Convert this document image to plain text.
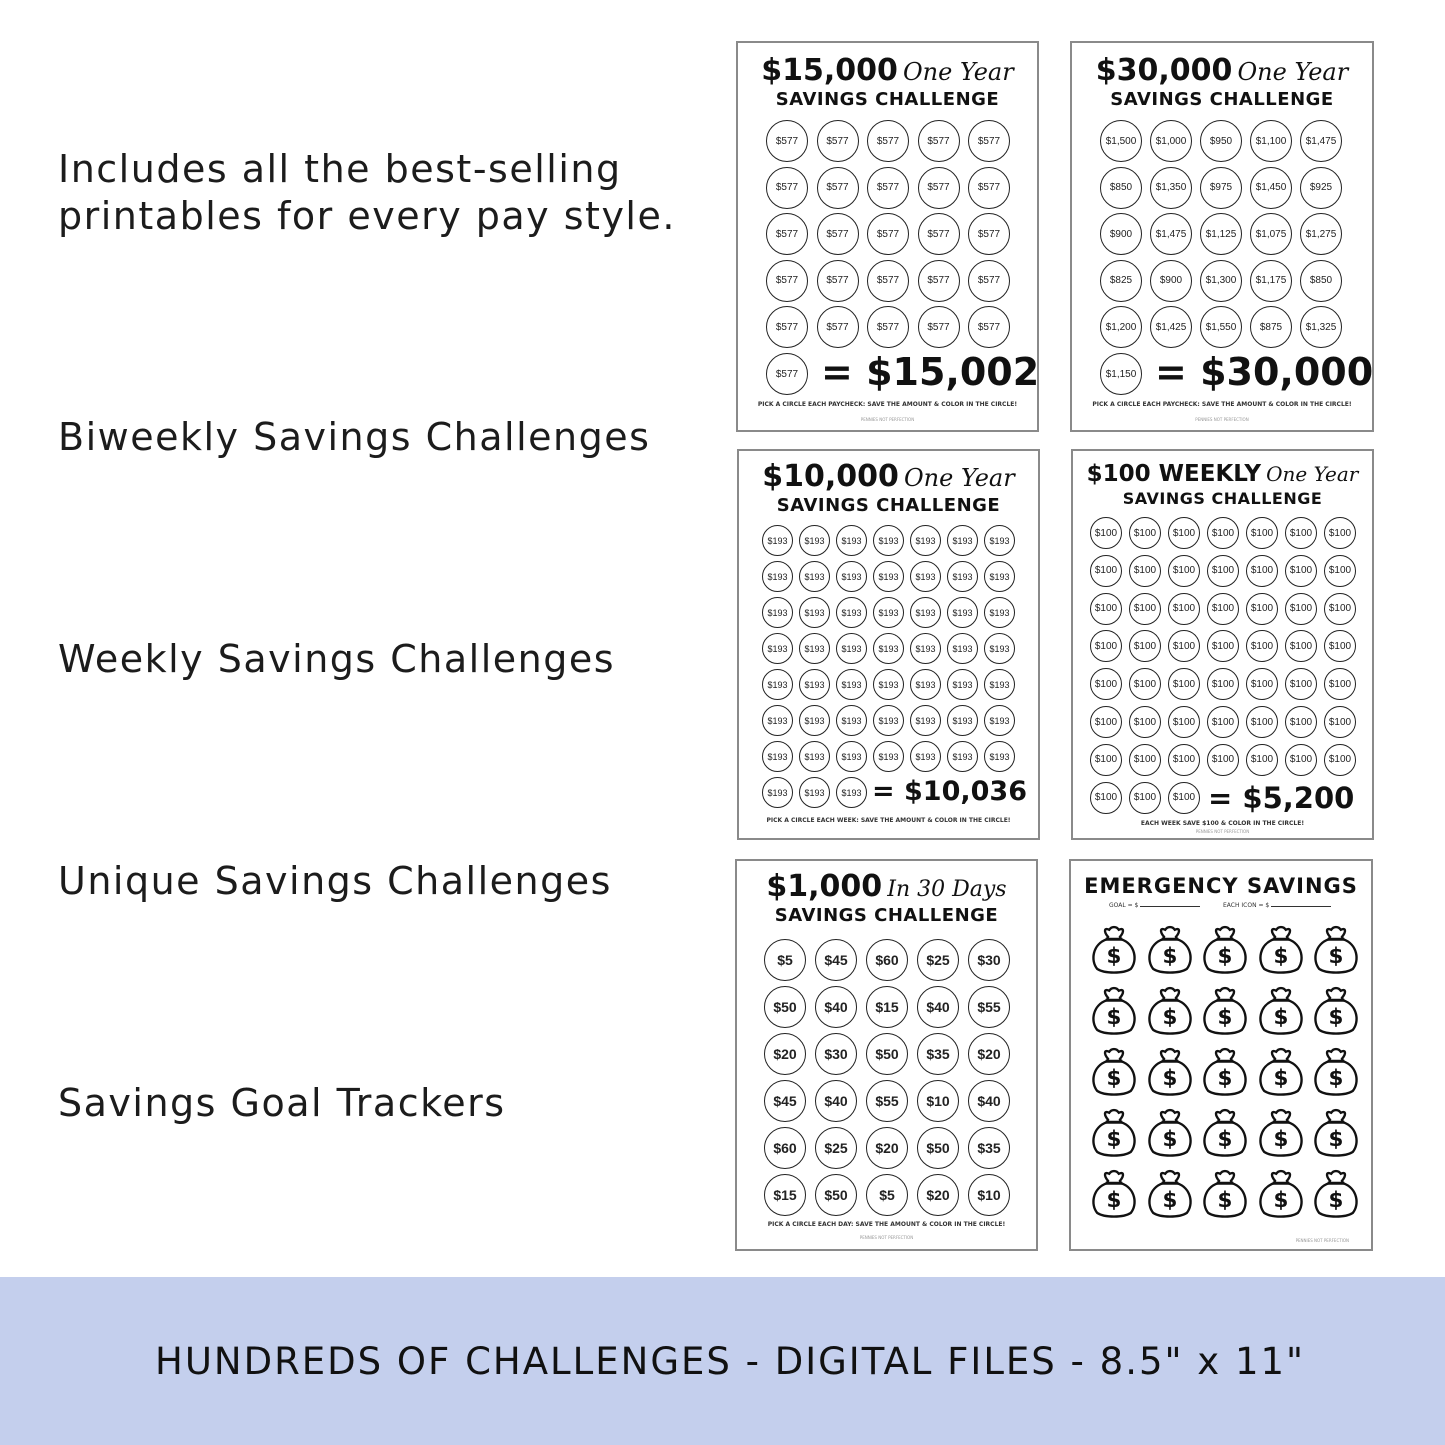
Includes all the best-selling
printables for every pay style.
Biweekly Savings Challenges
Weekly Savings Challenges
Unique Savings Challenges
Savings Goal Trackers
$15,000 One Year
SAVINGS CHALLENGE
$577	$577	$577	$577	$577
$577	$577	$577	$577	$577
$577	$577	$577	$577	$577
$577	$577	$577	$577	$577
$577	$577	$577	$577	$577
$577 = $15,002
PICK A CIRCLE EACH PAYCHECK: SAVE THE AMOUNT & COLOR IN THE CIRCLE!
PENNIES NOT PERFECTION
$30,000 One Year
SAVINGS CHALLENGE
$1,500	$1,000	$950	$1,100	$1,475
$850	$1,350	$975	$1,450	$925
$900	$1,475	$1,125	$1,075	$1,275
$825	$900	$1,300	$1,175	$850
$1,200	$1,425	$1,550	$875	$1,325
$1,150 = $30,000
PICK A CIRCLE EACH PAYCHECK: SAVE THE AMOUNT & COLOR IN THE CIRCLE!
PENNIES NOT PERFECTION
$10,000 One Year
SAVINGS CHALLENGE
$193	$193	$193	$193	$193	$193	$193
$193	$193	$193	$193	$193	$193	$193
$193	$193	$193	$193	$193	$193	$193
$193	$193	$193	$193	$193	$193	$193
$193	$193	$193	$193	$193	$193	$193
$193	$193	$193	$193	$193	$193	$193
$193	$193	$193	$193	$193	$193	$193
$193	$193	$193 = $10,036
PICK A CIRCLE EACH WEEK: SAVE THE AMOUNT & COLOR IN THE CIRCLE!
$100 WEEKLY One Year
SAVINGS CHALLENGE
$100	$100	$100	$100	$100	$100	$100
$100	$100	$100	$100	$100	$100	$100
$100	$100	$100	$100	$100	$100	$100
$100	$100	$100	$100	$100	$100	$100
$100	$100	$100	$100	$100	$100	$100
$100	$100	$100	$100	$100	$100	$100
$100	$100	$100	$100	$100	$100	$100
$100	$100	$100 = $5,200
EACH WEEK SAVE $100 & COLOR IN THE CIRCLE!
PENNIES NOT PERFECTION
$1,000 In 30 Days
SAVINGS CHALLENGE
$5	$45	$60	$25	$30
$50	$40	$15	$40	$55
$20	$30	$50	$35	$20
$45	$40	$55	$10	$40
$60	$25	$20	$50	$35
$15	$50	$5	$20	$10
PICK A CIRCLE EACH DAY: SAVE THE AMOUNT & COLOR IN THE CIRCLE!
PENNIES NOT PERFECTION
EMERGENCY SAVINGS
GOAL = $	EACH ICON = $
$ $ $ $ $
$ $ $ $ $
$ $ $ $ $
$ $ $ $ $
$ $ $ $ $
PENNIES NOT PERFECTION
HUNDREDS OF CHALLENGES - DIGITAL FILES - 8.5" x 11"
